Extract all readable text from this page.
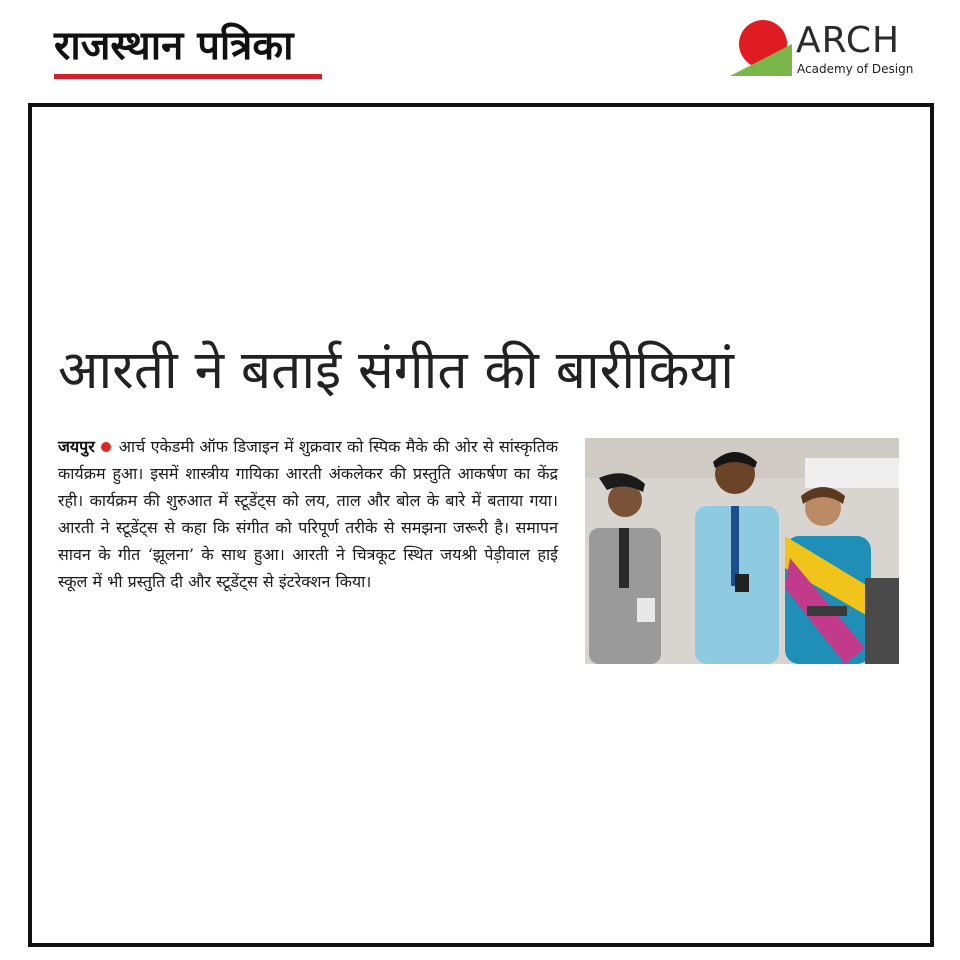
राजस्थान पत्रिका	ARCH
Academy of Design
आरती ने बताई संगीत की बारीकियां
जयपुर आर्च एकेडमी ऑफ डिजाइन में शुक्रवार को स्पिक मैके की ओर से सांस्कृतिक कार्यक्रम हुआ। इसमें शास्त्रीय गायिका आरती अंकलेकर की प्रस्तुति आकर्षण का केंद्र रही। कार्यक्रम की शुरुआत में स्टूडेंट्स को लय, ताल और बोल के बारे में बताया गया। आरती ने स्टूडेंट्स से कहा कि संगीत को परिपूर्ण तरीके से समझना जरूरी है। समापन सावन के गीत ‘झूलना’ के साथ हुआ। आरती ने चित्रकूट स्थित जयश्री पेड़ीवाल हाई स्कूल में भी प्रस्तुति दी और स्टूडेंट्स से इंटरेक्शन किया।
